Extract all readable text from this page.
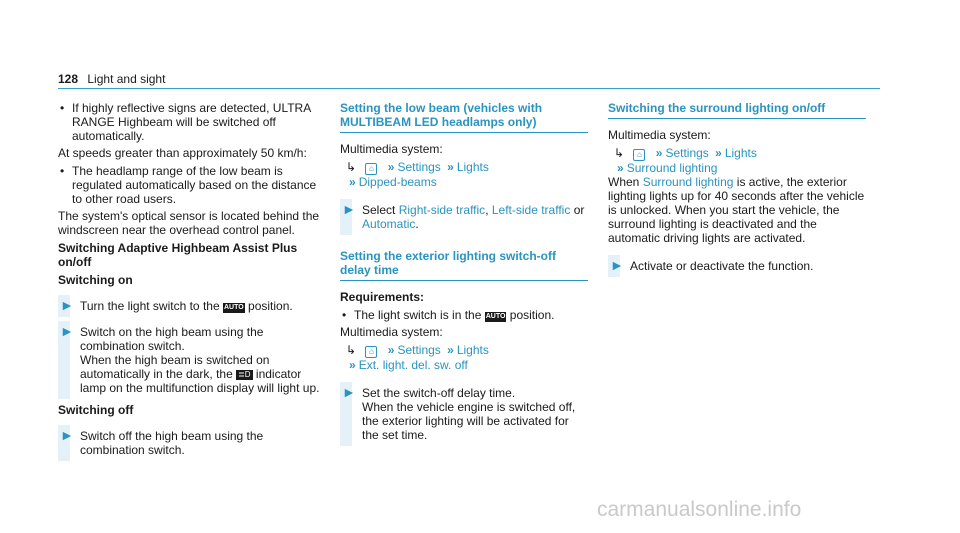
128 Light and sight
• If highly reflective signs are detected, ULTRA RANGE Highbeam will be switched off automatically.

At speeds greater than approximately 50 km/h:

• The headlamp range of the low beam is regulated automatically based on the distance to other road users.

The system's optical sensor is located behind the windscreen near the overhead control panel.

Switching Adaptive Highbeam Assist Plus on/off

Switching on

► Turn the light switch to the AUTO position.
► Switch on the high beam using the combination switch.
When the high beam is switched on automatically in the dark, the ≣D indicator lamp on the multifunction display will light up.

Switching off

► Switch off the high beam using the combination switch.
Setting the low beam (vehicles with MULTIBEAM LED headlamps only)

Multimedia system:

↳ ⌂ » Settings » Lights
» Dipped-beams
► Select Right-side traffic, Left-side traffic or Automatic.
Setting the exterior lighting switch-off delay time

Requirements:

• The light switch is in the AUTO position.

Multimedia system:

↳ ⌂ » Settings » Lights
» Ext. light. del. sw. off
► Set the switch-off delay time.
When the vehicle engine is switched off, the exterior lighting will be activated for the set time.
Switching the surround lighting on/off

Multimedia system:

↳ ⌂ » Settings » Lights
» Surround lighting

When Surround lighting is active, the exterior lighting lights up for 40 seconds after the vehicle is unlocked. When you start the vehicle, the surround lighting is deactivated and the automatic driving lights are activated.

► Activate or deactivate the function.
carmanualsonline.info
